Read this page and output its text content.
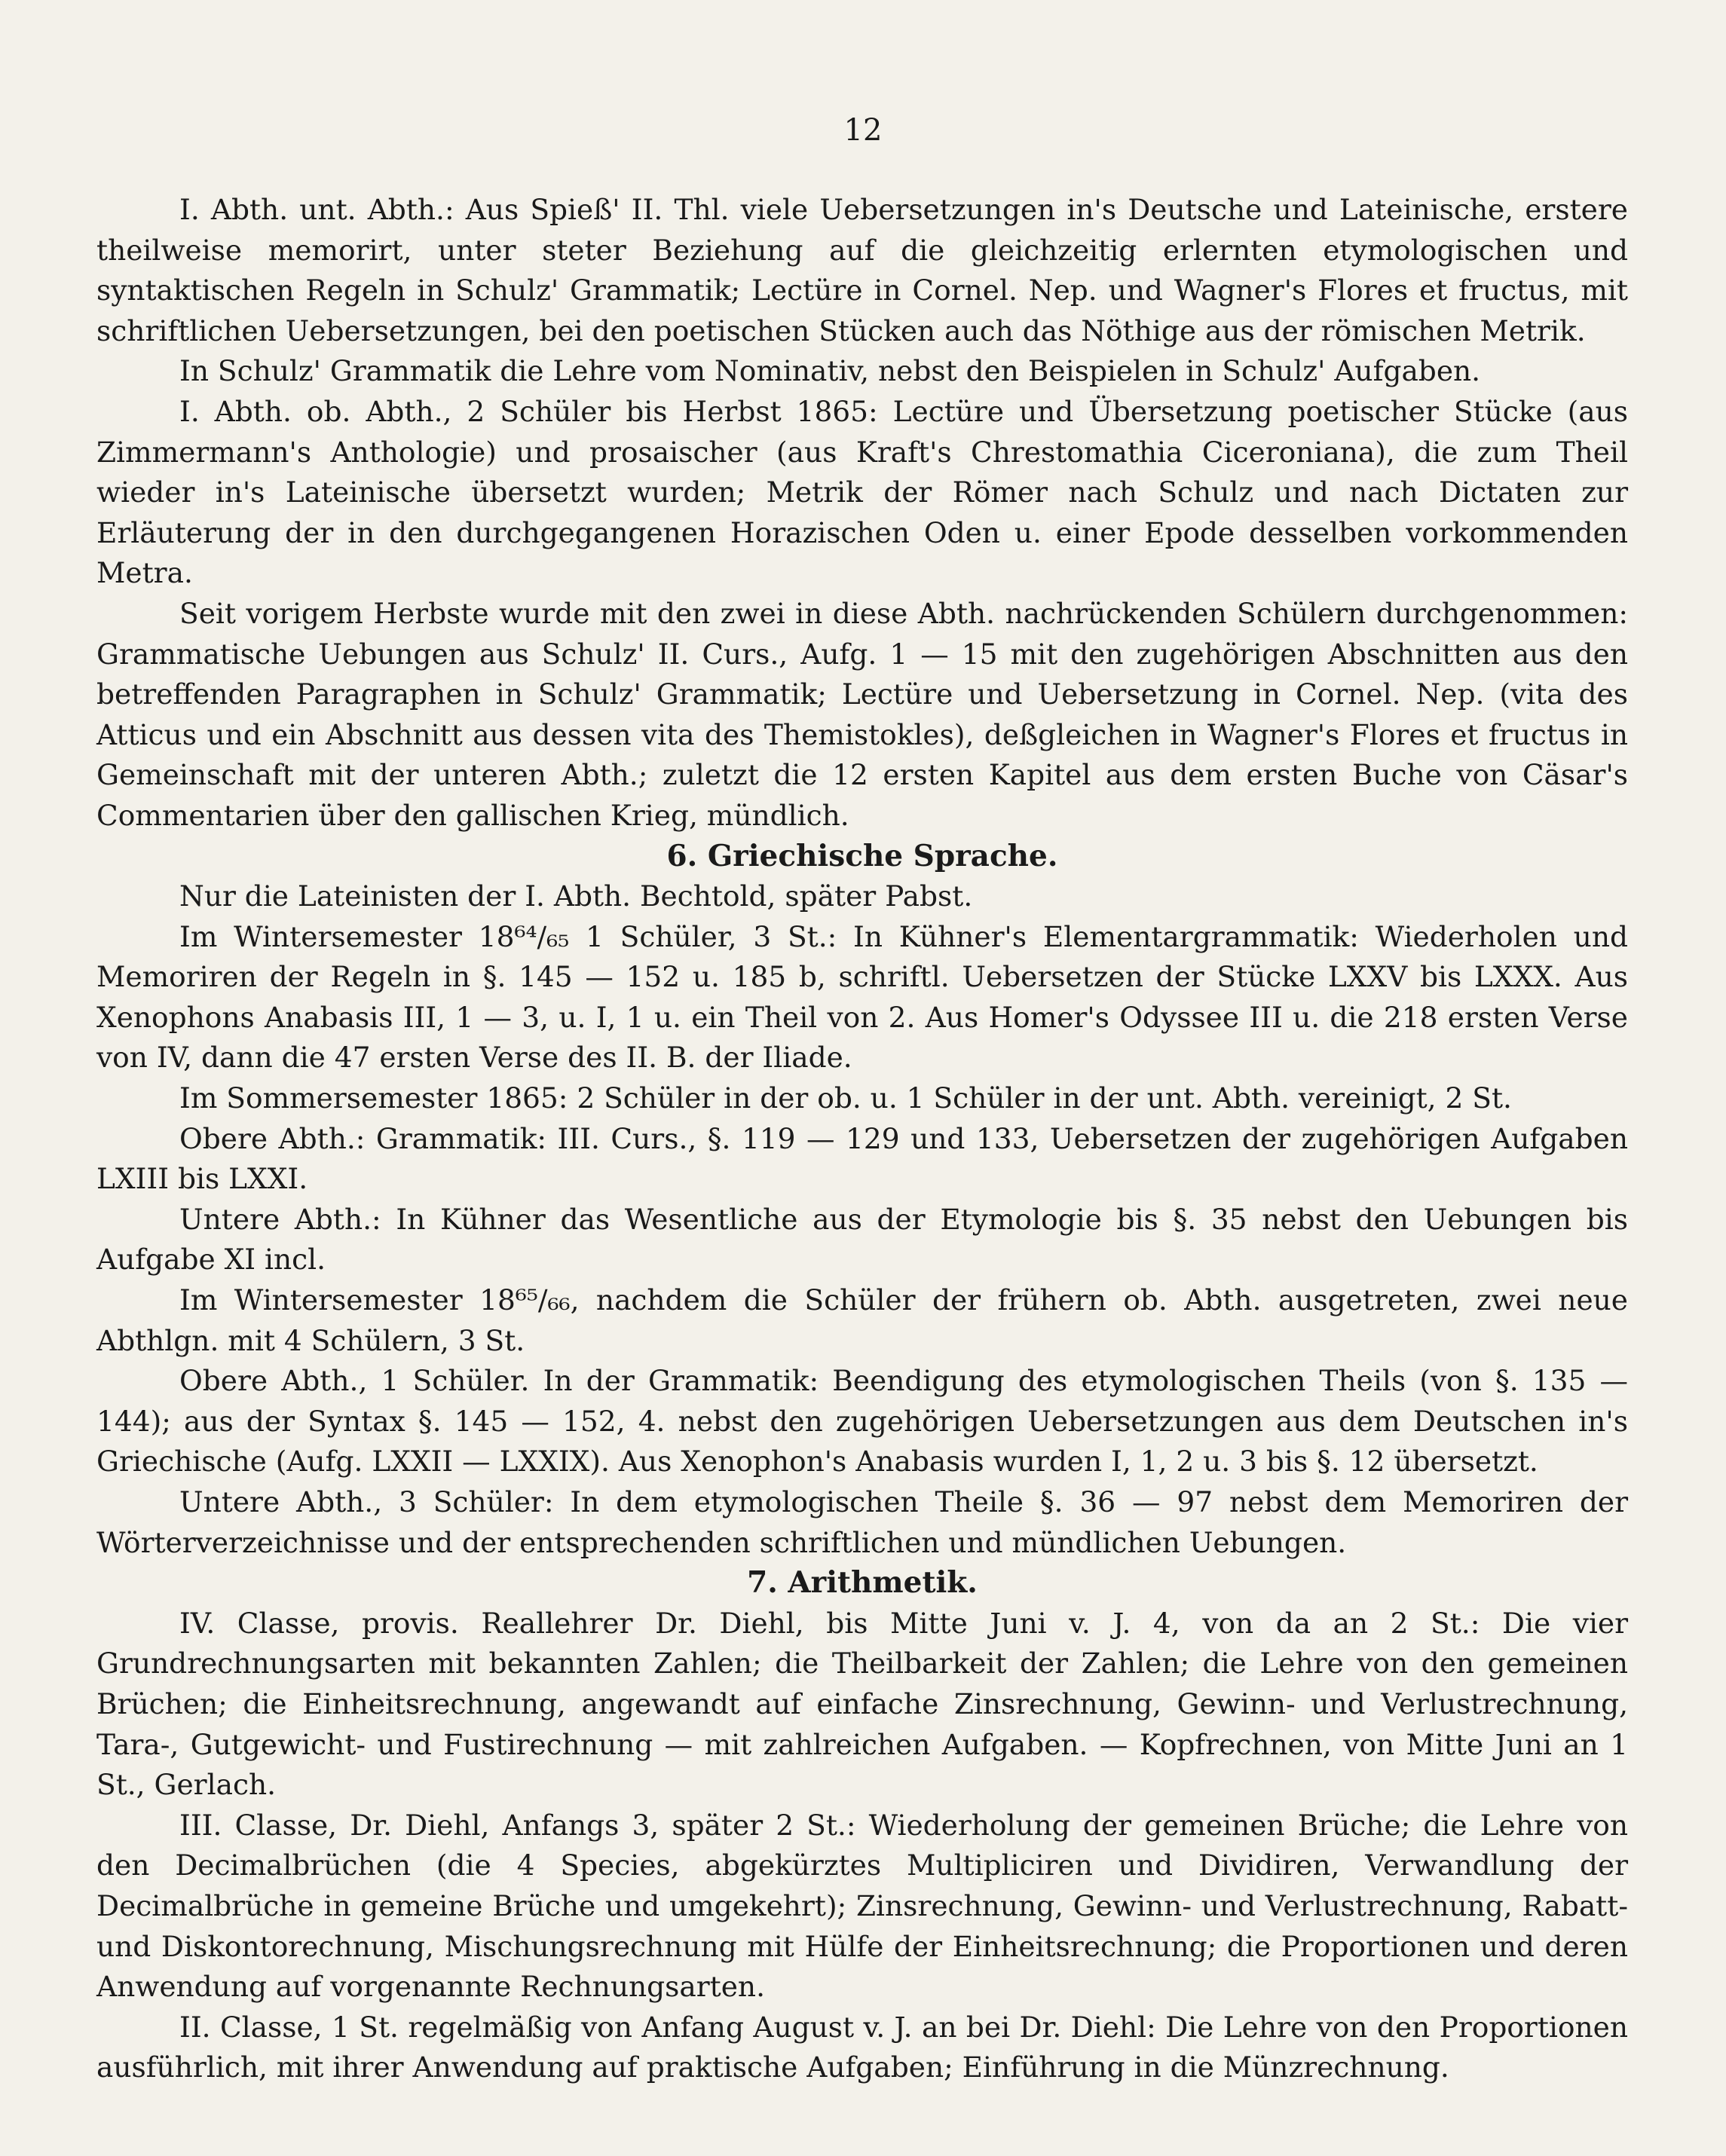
12

I. Abth. unt. Abth.: Aus Spieß' II. Thl. viele Uebersetzungen in's Deutsche und Lateinische, erstere theilweise memorirt, unter steter Beziehung auf die gleichzeitig erlernten etymologischen und syntaktischen Regeln in Schulz' Grammatik; Lectüre in Cornel. Nep. und Wagner's Flores et fructus, mit schriftlichen Uebersetzungen, bei den poetischen Stücken auch das Nöthige aus der römischen Metrik.

In Schulz' Grammatik die Lehre vom Nominativ, nebst den Beispielen in Schulz' Aufgaben.

I. Abth. ob. Abth., 2 Schüler bis Herbst 1865: Lectüre und Übersetzung poetischer Stücke (aus Zimmermann's Anthologie) und prosaischer (aus Kraft's Chrestomathia Ciceroniana), die zum Theil wieder in's Lateinische übersetzt wurden; Metrik der Römer nach Schulz und nach Dictaten zur Erläuterung der in den durchgegangenen Horazischen Oden u. einer Epode desselben vorkommenden Metra.

Seit vorigem Herbste wurde mit den zwei in diese Abth. nachrückenden Schülern durchgenommen: Grammatische Uebungen aus Schulz' II. Curs., Aufg. 1 — 15 mit den zugehörigen Abschnitten aus den betreffenden Paragraphen in Schulz' Grammatik; Lectüre und Uebersetzung in Cornel. Nep. (vita des Atticus und ein Abschnitt aus dessen vita des Themistokles), deßgleichen in Wagner's Flores et fructus in Gemeinschaft mit der unteren Abth.; zuletzt die 12 ersten Kapitel aus dem ersten Buche von Cäsar's Commentarien über den gallischen Krieg, mündlich.

6. Griechische Sprache.

Nur die Lateinisten der I. Abth. Bechtold, später Pabst.

Im Wintersemester 18⁶⁴/₆₅ 1 Schüler, 3 St.: In Kühner's Elementargrammatik: Wiederholen und Memoriren der Regeln in §. 145 — 152 u. 185 b, schriftl. Uebersetzen der Stücke LXXV bis LXXX. Aus Xenophons Anabasis III, 1 — 3, u. I, 1 u. ein Theil von 2. Aus Homer's Odyssee III u. die 218 ersten Verse von IV, dann die 47 ersten Verse des II. B. der Iliade.

Im Sommersemester 1865: 2 Schüler in der ob. u. 1 Schüler in der unt. Abth. vereinigt, 2 St.

Obere Abth.: Grammatik: III. Curs., §. 119 — 129 und 133, Uebersetzen der zugehörigen Aufgaben LXIII bis LXXI.

Untere Abth.: In Kühner das Wesentliche aus der Etymologie bis §. 35 nebst den Uebungen bis Aufgabe XI incl.

Im Wintersemester 18⁶⁵/₆₆, nachdem die Schüler der frühern ob. Abth. ausgetreten, zwei neue Abthlgn. mit 4 Schülern, 3 St.

Obere Abth., 1 Schüler. In der Grammatik: Beendigung des etymologischen Theils (von §. 135 — 144); aus der Syntax §. 145 — 152, 4. nebst den zugehörigen Uebersetzungen aus dem Deutschen in's Griechische (Aufg. LXXII — LXXIX). Aus Xenophon's Anabasis wurden I, 1, 2 u. 3 bis §. 12 übersetzt.

Untere Abth., 3 Schüler: In dem etymologischen Theile §. 36 — 97 nebst dem Memoriren der Wörterverzeichnisse und der entsprechenden schriftlichen und mündlichen Uebungen.

7. Arithmetik.

IV. Classe, provis. Reallehrer Dr. Diehl, bis Mitte Juni v. J. 4, von da an 2 St.: Die vier Grundrechnungsarten mit bekannten Zahlen; die Theilbarkeit der Zahlen; die Lehre von den gemeinen Brüchen; die Einheitsrechnung, angewandt auf einfache Zinsrechnung, Gewinn- und Verlustrechnung, Tara-, Gutgewicht- und Fustirechnung — mit zahlreichen Aufgaben. — Kopfrechnen, von Mitte Juni an 1 St., Gerlach.

III. Classe, Dr. Diehl, Anfangs 3, später 2 St.: Wiederholung der gemeinen Brüche; die Lehre von den Decimalbrüchen (die 4 Species, abgekürztes Multipliciren und Dividiren, Verwandlung der Decimalbrüche in gemeine Brüche und umgekehrt); Zinsrechnung, Gewinn- und Verlustrechnung, Rabatt- und Diskontorechnung, Mischungsrechnung mit Hülfe der Einheitsrechnung; die Proportionen und deren Anwendung auf vorgenannte Rechnungsarten.

II. Classe, 1 St. regelmäßig von Anfang August v. J. an bei Dr. Diehl: Die Lehre von den Proportionen ausführlich, mit ihrer Anwendung auf praktische Aufgaben; Einführung in die Münzrechnung.
